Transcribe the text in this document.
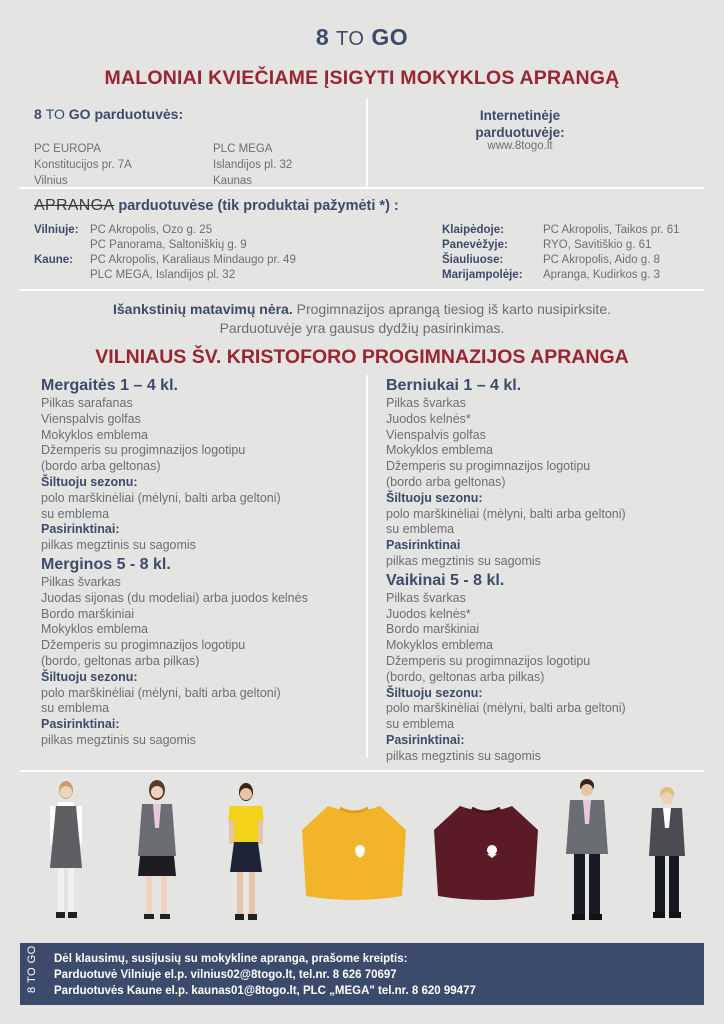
8 TO GO
MALONIAI KVIEČIAME ĮSIGYTI MOKYKLOS APRANGĄ
8 TO GO parduotuvės:
PC EUROPA
Konstitucijos pr. 7A
Vilnius
PLC MEGA
Islandijos pl. 32
Kaunas
Internetinėje parduotuvėje:
www.8togo.lt
APRANGA parduotuvėse (tik produktai pažymėti *) :
Vilniuje: PC Akropolis, Ozo g. 25
PC Panorama, Saltoniškių g. 9
Kaune: PC Akropolis, Karaliaus Mindaugo pr. 49
PLC MEGA, Islandijos pl. 32
Klaipėdoje:	PC Akropolis, Taikos pr. 61
Panevėžyje:	RYO, Savitiškio g. 61
Šiauliuose:	PC Akropolis, Aido g. 8
Marijampolėje: Apranga, Kudirkos g. 3
Išankstinių matavimų nėra. Progimnazijos aprangą tiesiog iš karto nusipirksite.
Parduotuvėje yra gausus dydžių pasirinkimas.
VILNIAUS ŠV. KRISTOFORO PROGIMNAZIJOS APRANGA
Mergaitės 1 – 4 kl.
Pilkas sarafanas
Vienspalvis golfas
Mokyklos emblema
Džemperis su progimnazijos logotipu
(bordo arba geltonas)
Šiltuoju sezonu:
polo marškinėliai (mėlyni, balti arba geltoni)
su emblema
Pasirinktinai:
pilkas megztinis su sagomis
Merginos 5 - 8 kl.
Pilkas švarkas
Juodas sijonas (du modeliai) arba juodos kelnės
Bordo marškiniai
Mokyklos emblema
Džemperis su progimnazijos logotipu
(bordo, geltonas arba pilkas)
Šiltuoju sezonu:
polo marškinėliai (mėlyni, balti arba geltoni)
su emblema
Pasirinktinai:
pilkas megztinis su sagomis
Berniukai 1 – 4 kl.
Pilkas švarkas
Juodos kelnės*
Vienspalvis golfas
Mokyklos emblema
Džemperis su progimnazijos logotipu
(bordo arba geltonas)
Šiltuoju sezonu:
polo marškinėliai (mėlyni, balti arba geltoni)
su emblema
Pasirinktinai
pilkas megztinis su sagomis
Vaikinai 5 - 8 kl.
Pilkas švarkas
Juodos kelnės*
Bordo marškiniai
Mokyklos emblema
Džemperis su progimnazijos logotipu
(bordo, geltonas arba pilkas)
Šiltuoju sezonu:
polo marškinėliai (mėlyni, balti arba geltoni)
su emblema
Pasirinktinai:
pilkas megztinis su sagomis
8 TO GO Dėl klausimų, susijusių su mokykline apranga, prašome kreiptis:
Parduotuvė Vilniuje el.p. vilnius02@8togo.lt, tel.nr. 8 626 70697
Parduotuvės Kaune el.p. kaunas01@8togo.lt, PLC „MEGA" tel.nr. 8 620 99477
